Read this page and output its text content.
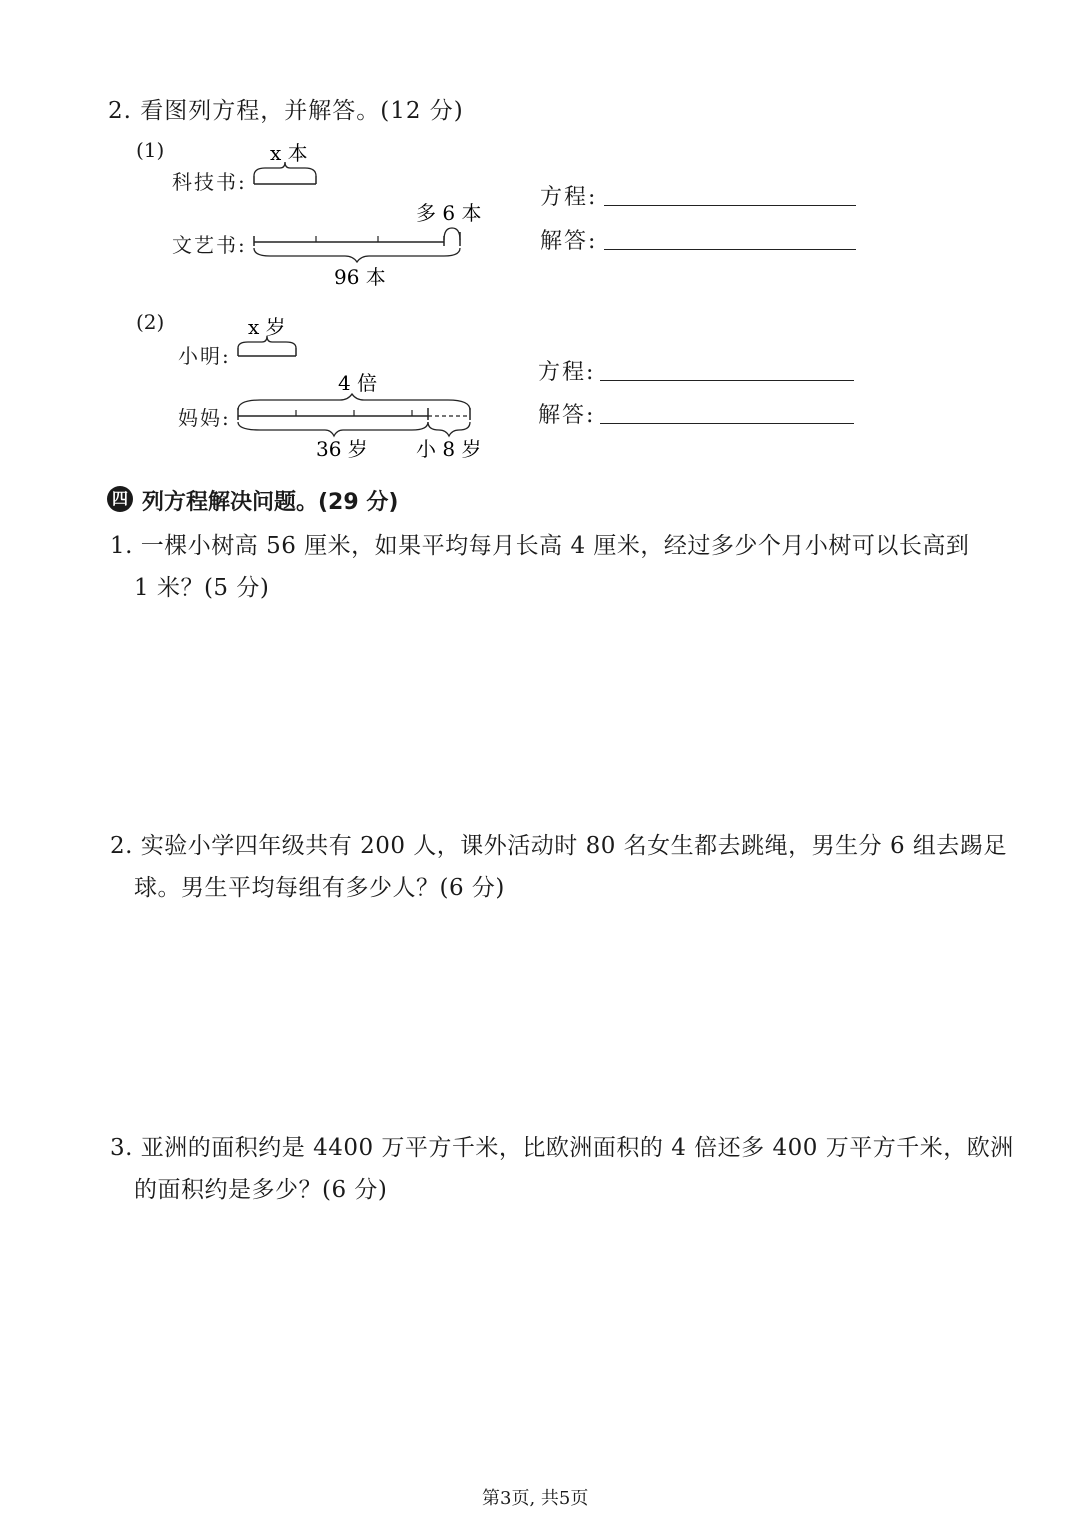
2. 看图列方程，并解答。(12 分)
(1)
科技书:
文艺书:
x 本
多 6 本
96 本
方程:
解答:
(2)
小明:
妈妈:
x 岁
4 倍
36 岁 小 8 岁
方程:
解答:
四 列方程解决问题。(29 分)
1. 一棵小树高 56 厘米，如果平均每月长高 4 厘米，经过多少个月小树可以长高到
1 米？(5 分)
2. 实验小学四年级共有 200 人，课外活动时 80 名女生都去跳绳，男生分 6 组去踢足
球。男生平均每组有多少人？(6 分)
3. 亚洲的面积约是 4400 万平方千米，比欧洲面积的 4 倍还多 400 万平方千米，欧洲
的面积约是多少？(6 分)
第3页, 共5页
